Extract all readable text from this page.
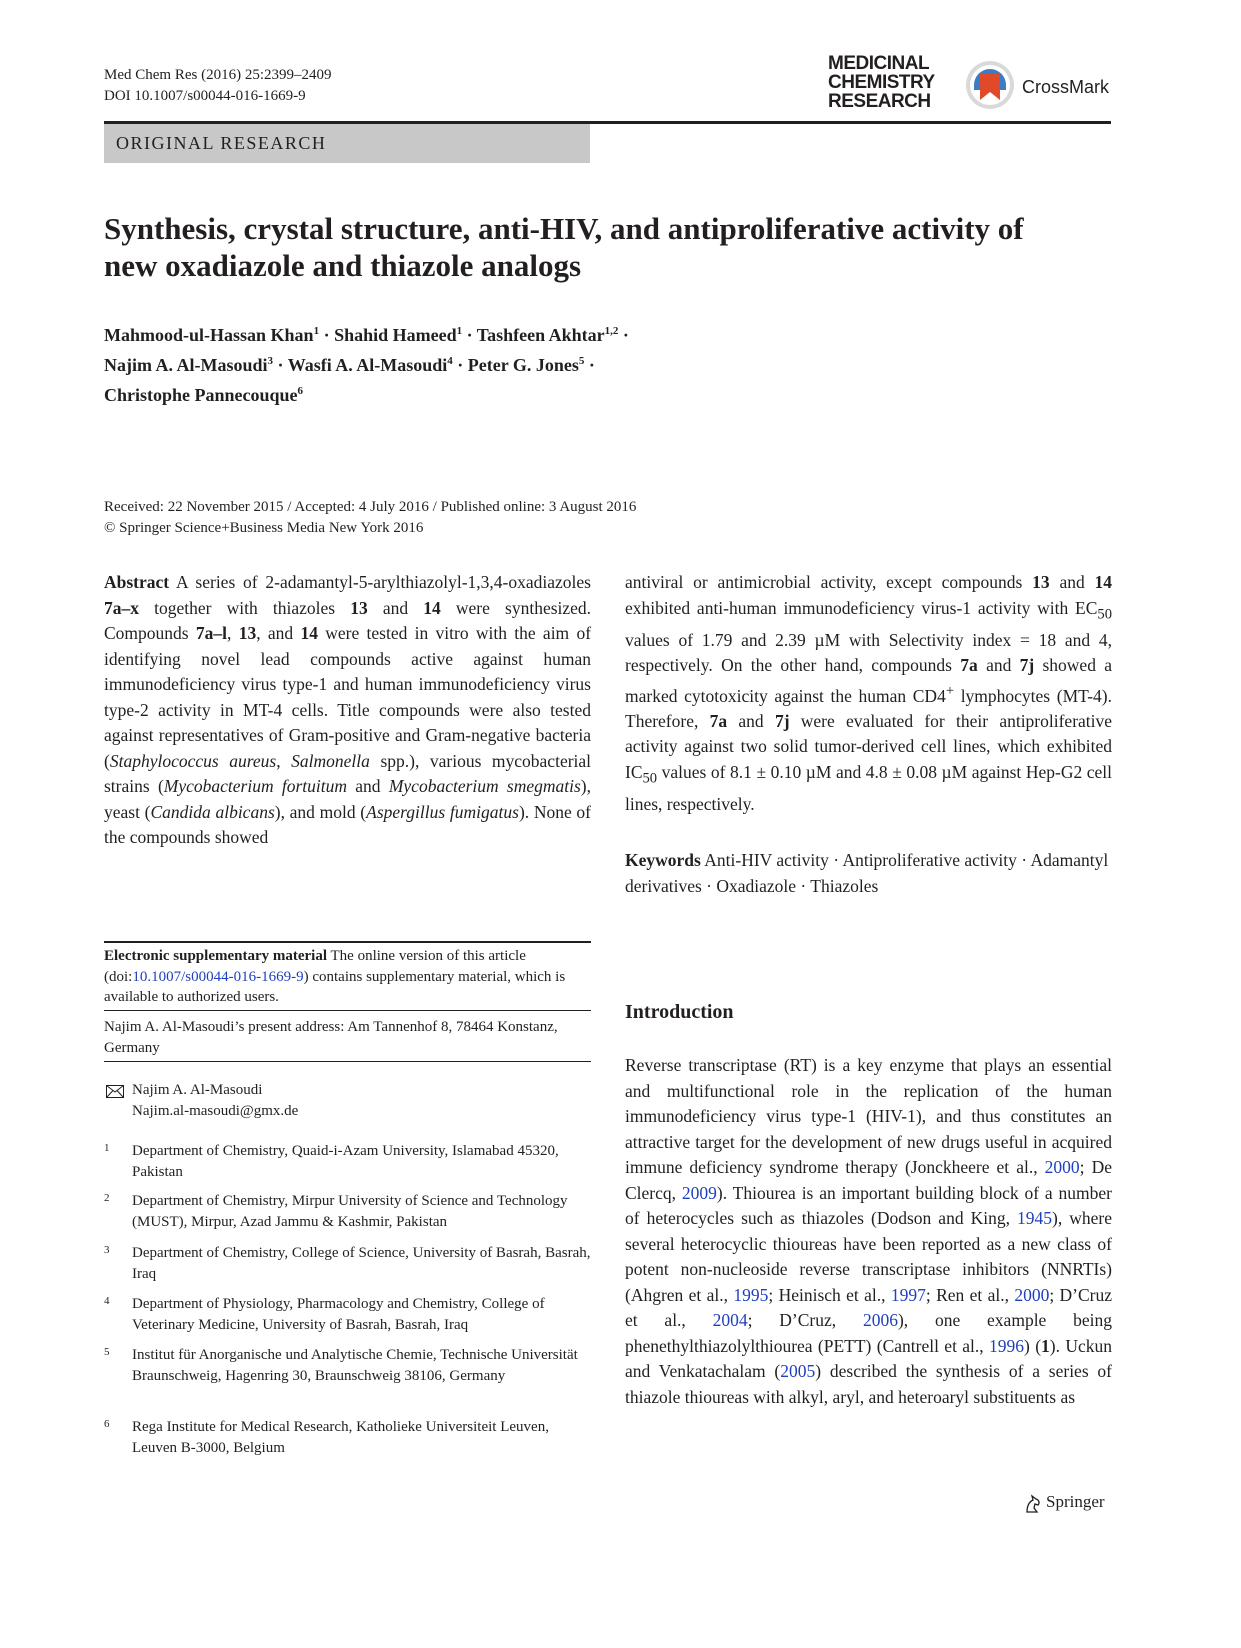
Med Chem Res (2016) 25:2399–2409
DOI 10.1007/s00044-016-1669-9
MEDICINAL
CHEMISTRY
RESEARCH
CrossMark
ORIGINAL RESEARCH
Synthesis, crystal structure, anti-HIV, and antiproliferative activity of
new oxadiazole and thiazole analogs
Mahmood-ul-Hassan Khan$^1$ · Shahid Hameed$^1$ · Tashfeen Akhtar$^{1,2}$ ·
Najim A. Al-Masoudi$^3$ · Wasfi A. Al-Masoudi$^4$ · Peter G. Jones$^5$ ·
Christophe Pannecouque$^6$
Received: 22 November 2015 / Accepted: 4 July 2016 / Published online: 3 August 2016
© Springer Science+Business Media New York 2016
Abstract A series of 2-adamantyl-5-arylthiazolyl-1,3,4-oxadiazoles 7a–x together with thiazoles 13 and 14 were synthesized. Compounds 7a–l, 13, and 14 were tested in vitro with the aim of identifying novel lead compounds active against human immunodeficiency virus type-1 and human immunodeficiency virus type-2 activity in MT-4 cells. Title compounds were also tested against representatives of Gram-positive and Gram-negative bacteria (Staphylococcus aureus, Salmonella spp.), various mycobacterial strains (Mycobacterium fortuitum and Mycobacterium smegmatis), yeast (Candida albicans), and mold (Aspergillus fumigatus). None of the compounds showed
antiviral or antimicrobial activity, except compounds 13 and 14 exhibited anti-human immunodeficiency virus-1 activity with $EC_{50}$ values of 1.79 and 2.39 µM with Selectivity index = 18 and 4, respectively. On the other hand, compounds 7a and 7j showed a marked cytotoxicity against the human CD4+ lymphocytes (MT-4). Therefore, 7a and 7j were evaluated for their antiproliferative activity against two solid tumor-derived cell lines, which exhibited $IC_{50}$ values of 8.1 ± 0.10 µM and 4.8 ± 0.08 µM against Hep-G2 cell lines, respectively.
Keywords Anti-HIV activity · Antiproliferative activity · Adamantyl derivatives · Oxadiazole · Thiazoles
Electronic supplementary material The online version of this article (doi:10.1007/s00044-016-1669-9) contains supplementary material, which is available to authorized users.
Najim A. Al-Masoudi’s present address: Am Tannenhof 8, 78464 Konstanz, Germany
Najim A. Al-Masoudi
Najim.al-masoudi@gmx.de
1 Department of Chemistry, Quaid-i-Azam University, Islamabad 45320, Pakistan
2 Department of Chemistry, Mirpur University of Science and Technology (MUST), Mirpur, Azad Jammu & Kashmir, Pakistan
3 Department of Chemistry, College of Science, University of Basrah, Basrah, Iraq
4 Department of Physiology, Pharmacology and Chemistry, College of Veterinary Medicine, University of Basrah, Basrah, Iraq
5 Institut für Anorganische und Analytische Chemie, Technische Universität Braunschweig, Hagenring 30, Braunschweig 38106, Germany
6 Rega Institute for Medical Research, Katholieke Universiteit Leuven, Leuven B-3000, Belgium
Introduction
Reverse transcriptase (RT) is a key enzyme that plays an essential and multifunctional role in the replication of the human immunodeficiency virus type-1 (HIV-1), and thus constitutes an attractive target for the development of new drugs useful in acquired immune deficiency syndrome therapy (Jonckheere et al., 2000; De Clercq, 2009). Thiourea is an important building block of a number of heterocycles such as thiazoles (Dodson and King, 1945), where several heterocyclic thioureas have been reported as a new class of potent non-nucleoside reverse transcriptase inhibitors (NNRTIs) (Ahgren et al., 1995; Heinisch et al., 1997; Ren et al., 2000; D’Cruz et al., 2004; D’Cruz, 2006), one example being phenethylthiazolylthiourea (PETT) (Cantrell et al., 1996) (1). Uckun and Venkatachalam (2005) described the synthesis of a series of thiazole thioureas with alkyl, aryl, and heteroaryl substituents as
Springer
